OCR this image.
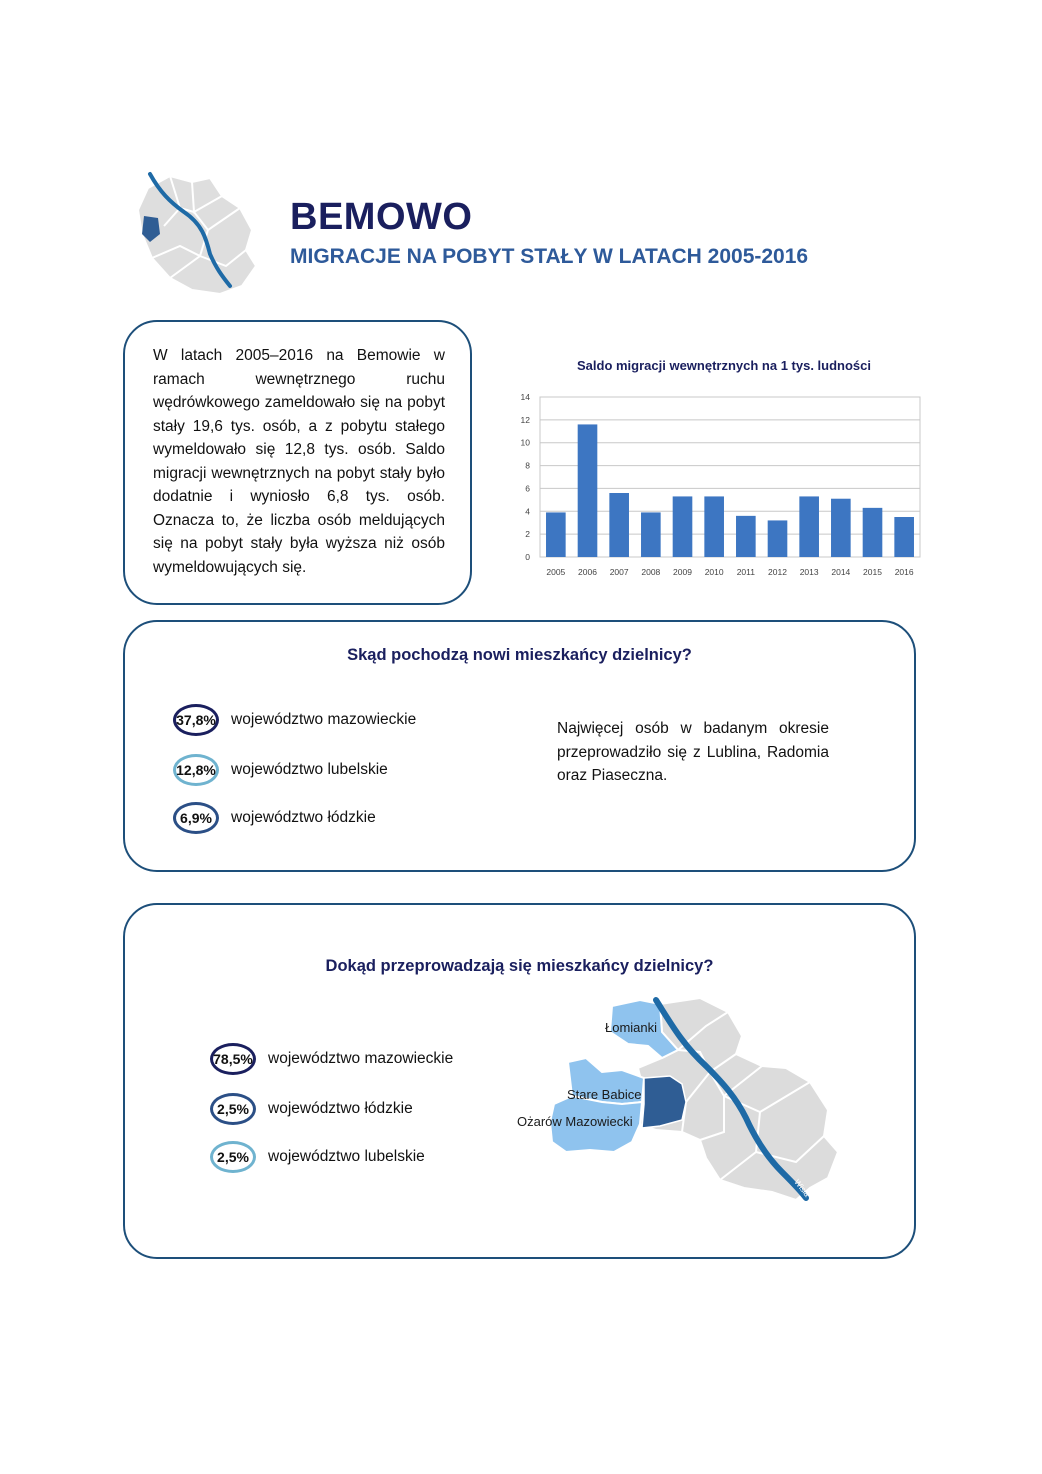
BEMOWO
MIGRACJE NA POBYT STAŁY W LATACH 2005-2016
W latach 2005–2016 na Bemowie w ramach wewnętrznego ruchu wędrówkowego zameldowało się na pobyt stały 19,6 tys. osób, a z pobytu stałego wymeldowało się 12,8 tys. osób. Saldo migracji wewnętrznych na pobyt stały było dodatnie i wyniosło 6,8 tys. osób. Oznacza to, że liczba osób meldujących się na pobyt stały była wyższa niż osób wymeldowujących się.
Saldo migracji wewnętrznych na 1 tys. ludności
0
2
4
6
8
10
12
14
2005 2006 2007 2008 2009 2010 2011 2012 2013 2014 2015 2016
Skąd pochodzą nowi mieszkańcy dzielnicy?
37,8% województwo mazowieckie
12,8% województwo lubelskie
6,9%	województwo łódzkie
Najwięcej osób w badanym okresie przeprowadziło się z Lublina, Radomia oraz Piaseczna.
Dokąd przeprowadzają się mieszkańcy dzielnicy?
78,5% województwo mazowieckie
2,5%	województwo łódzkie
2,5%	województwo lubelskie
Łomianki
Stare Babice
Ożarów Mazowiecki
Wisła
